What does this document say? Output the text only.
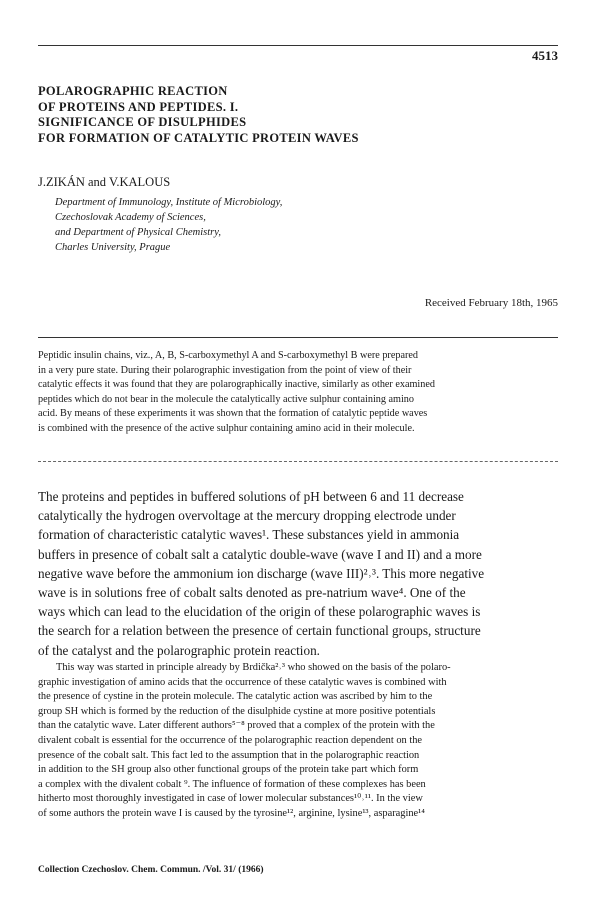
4513
POLAROGRAPHIC REACTION
OF PROTEINS AND PEPTIDES. I.
SIGNIFICANCE OF DISULPHIDES
FOR FORMATION OF CATALYTIC PROTEIN WAVES
J.ZIKÁN and V.KALOUS
Department of Immunology, Institute of Microbiology,
Czechoslovak Academy of Sciences,
and Department of Physical Chemistry,
Charles University, Prague
Received February 18th, 1965
Peptidic insulin chains, viz., A, B, S-carboxymethyl A and S-carboxymethyl B were prepared
in a very pure state. During their polarographic investigation from the point of view of their
catalytic effects it was found that they are polarographically inactive, similarly as other examined
peptides which do not bear in the molecule the catalytically active sulphur containing amino
acid. By means of these experiments it was shown that the formation of catalytic peptide waves
is combined with the presence of the active sulphur containing amino acid in their molecule.
The proteins and peptides in buffered solutions of pH between 6 and 11 decrease
catalytically the hydrogen overvoltage at the mercury dropping electrode under
formation of characteristic catalytic waves¹. These substances yield in ammonia
buffers in presence of cobalt salt a catalytic double-wave (wave I and II) and a more
negative wave before the ammonium ion discharge (wave III)²˒³. This more negative
wave is in solutions free of cobalt salts denoted as pre-natrium wave⁴. One of the
ways which can lead to the elucidation of the origin of these polarographic waves is
the search for a relation between the presence of certain functional groups, structure
of the catalyst and the polarographic protein reaction.
This way was started in principle already by Brdička²˒³ who showed on the basis of the polaro-
graphic investigation of amino acids that the occurrence of these catalytic waves is combined with
the presence of cystine in the protein molecule. The catalytic action was ascribed by him to the
group SH which is formed by the reduction of the disulphide cystine at more positive potentials
than the catalytic wave. Later different authors⁵⁻⁸ proved that a complex of the protein with the
divalent cobalt is essential for the occurrence of the polarographic reaction dependent on the
presence of the cobalt salt. This fact led to the assumption that in the polarographic reaction
in addition to the SH group also other functional groups of the protein take part which form
a complex with the divalent cobalt ⁹. The influence of formation of these complexes has been
hitherto most thoroughly investigated in case of lower molecular substances¹⁰˒¹¹. In the view
of some authors the protein wave I is caused by the tyrosine¹², arginine, lysine¹³, asparagine¹⁴
Collection Czechoslov. Chem. Commun. /Vol. 31/ (1966)
